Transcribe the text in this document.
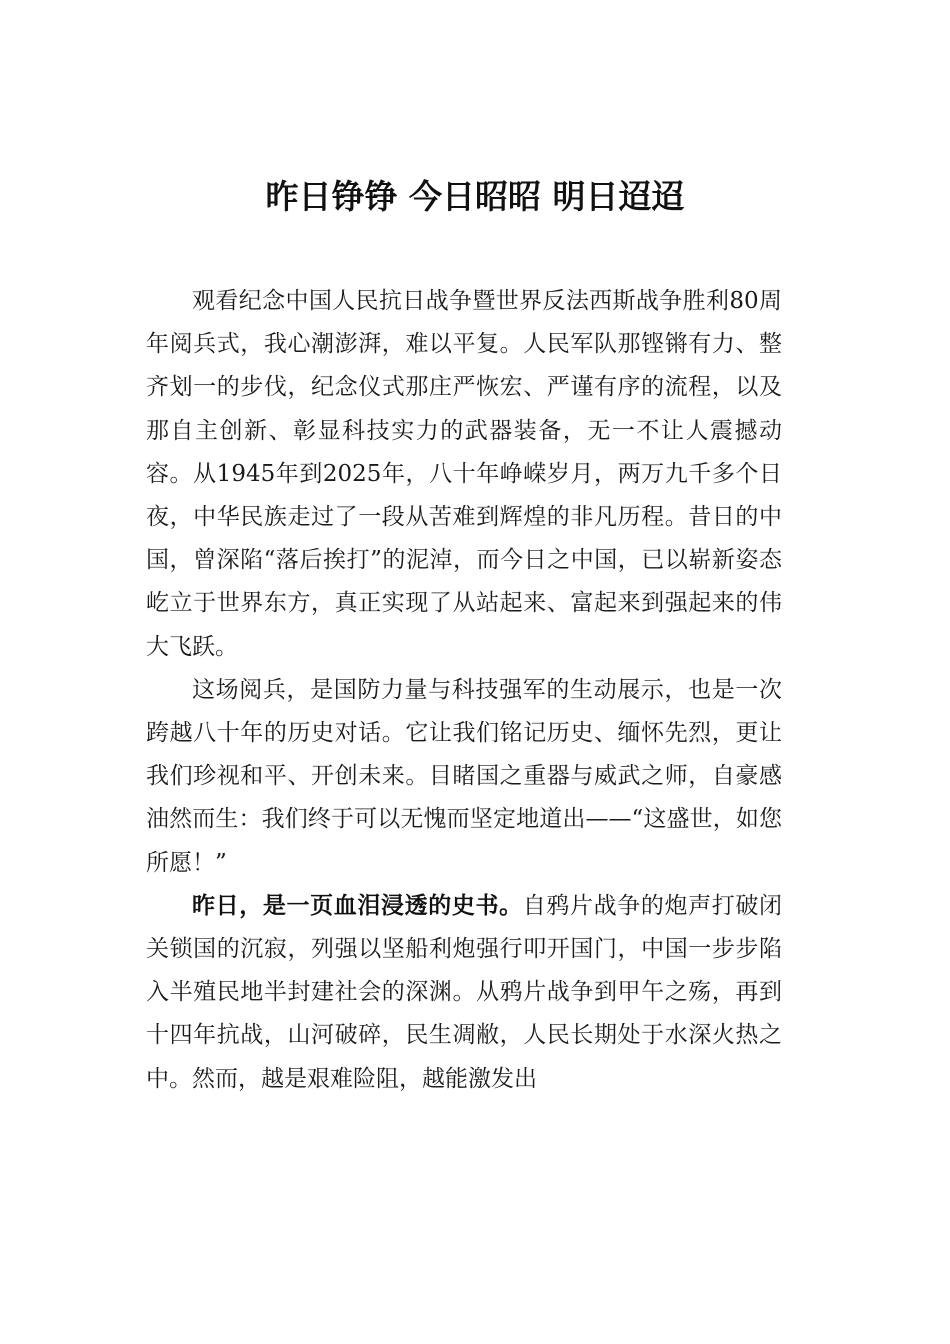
昨日铮铮 今日昭昭 明日迢迢

观看纪念中国人民抗日战争暨世界反法西斯战争胜利80周年阅兵式，我心潮澎湃，难以平复。人民军队那铿锵有力、整齐划一的步伐，纪念仪式那庄严恢宏、严谨有序的流程，以及那自主创新、彰显科技实力的武器装备，无一不让人震撼动容。从1945年到2025年，八十年峥嵘岁月，两万九千多个日夜，中华民族走过了一段从苦难到辉煌的非凡历程。昔日的中国，曾深陷“落后挨打”的泥淖，而今日之中国，已以崭新姿态屹立于世界东方，真正实现了从站起来、富起来到强起来的伟大飞跃。

这场阅兵，是国防力量与科技强军的生动展示，也是一次跨越八十年的历史对话。它让我们铭记历史、缅怀先烈，更让我们珍视和平、开创未来。目睹国之重器与威武之师，自豪感油然而生：我们终于可以无愧而坚定地道出——“这盛世，如您所愿！”

昨日，是一页血泪浸透的史书。自鸦片战争的炮声打破闭关锁国的沉寂，列强以坚船利炮强行叩开国门，中国一步步陷入半殖民地半封建社会的深渊。从鸦片战争到甲午之殇，再到十四年抗战，山河破碎，民生凋敝，人民长期处于水深火热之中。然而，越是艰难险阻，越能激发出
